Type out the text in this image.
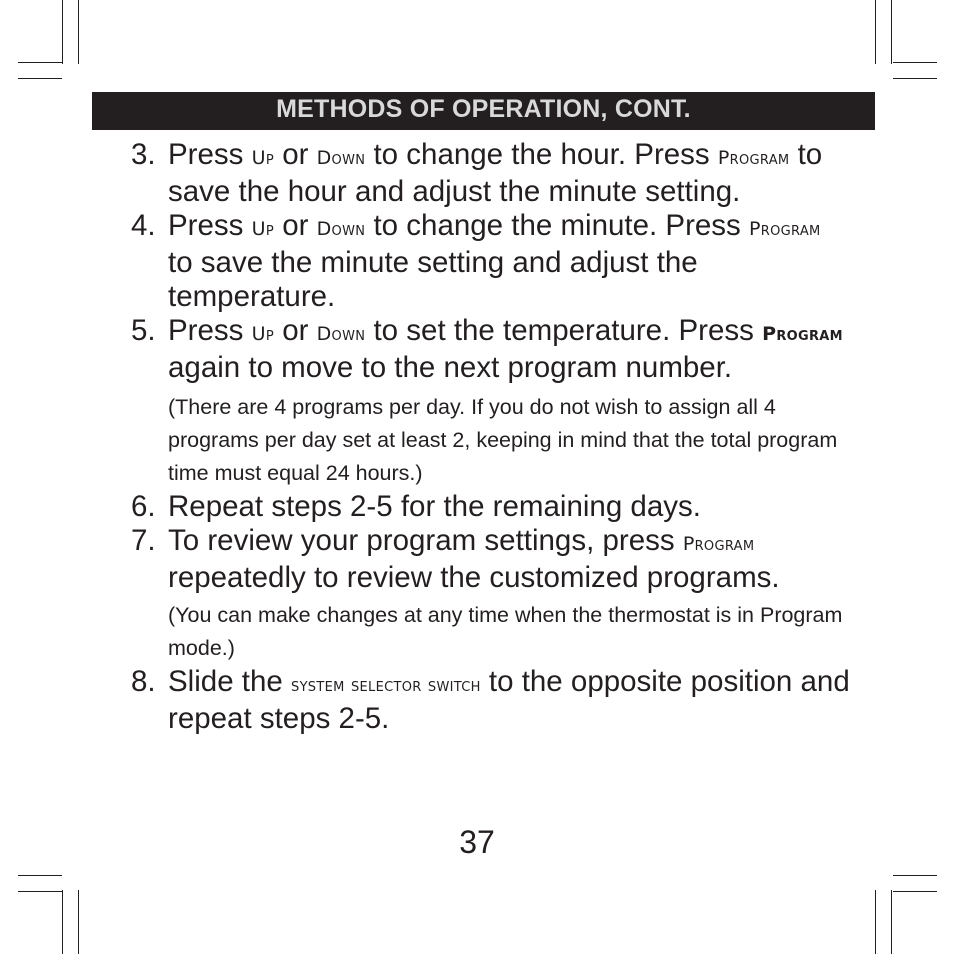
METHODS OF OPERATION, CONT.
3. Press Up or Down to change the hour. Press Program to save the hour and adjust the minute setting.
4. Press Up or Down to change the minute. Press Program to save the minute setting and adjust the temperature.
5. Press Up or Down to set the temperature. Press Program again to move to the next program number.
(There are 4 programs per day. If you do not wish to assign all 4 programs per day set at least 2, keeping in mind that the total program time must equal 24 hours.)
6. Repeat steps 2-5 for the remaining days.
7. To review your program settings, press Program repeatedly to review the customized programs.
(You can make changes at any time when the thermostat is in Program mode.)
8. Slide the system selector switch to the opposite position and repeat steps 2-5.
37
